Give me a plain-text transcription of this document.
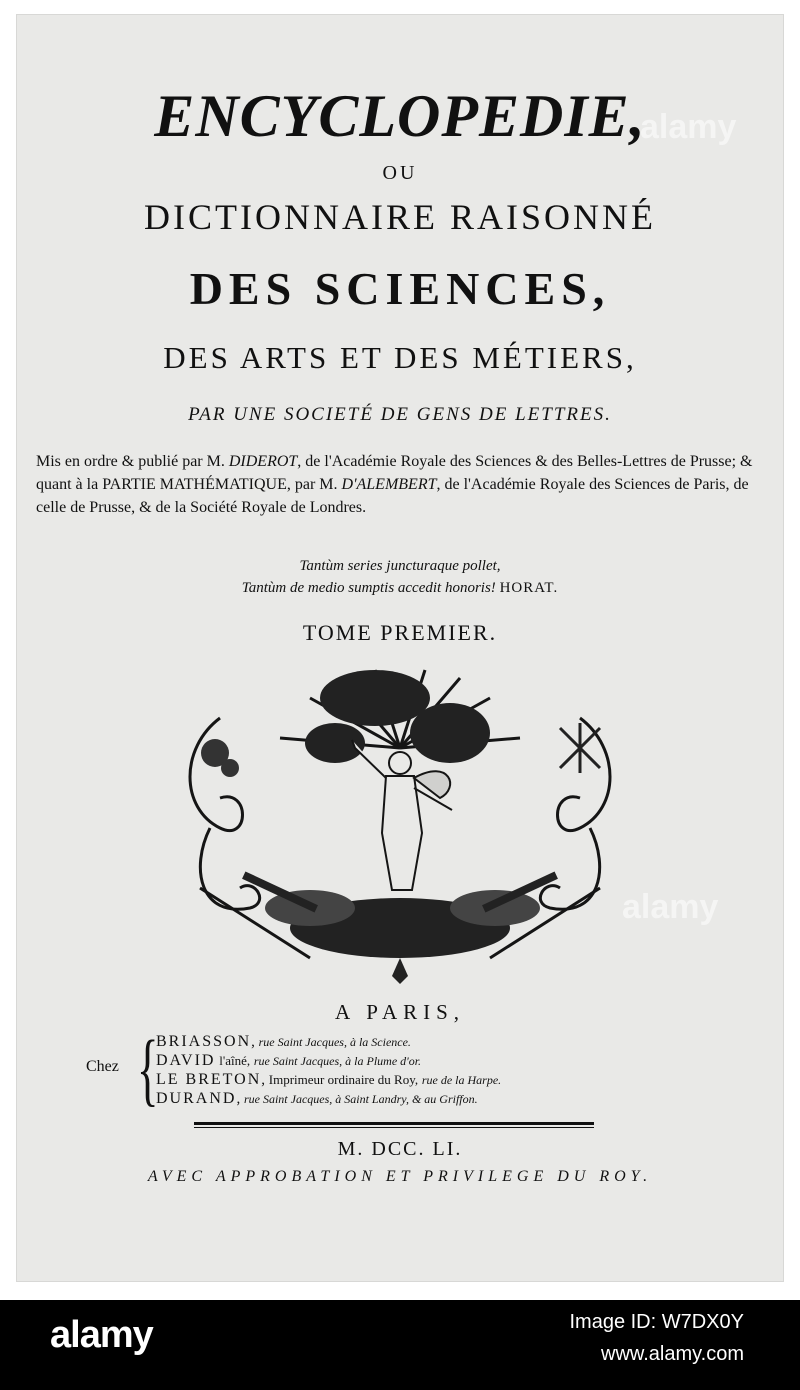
ENCYCLOPEDIE,
OU
DICTIONNAIRE RAISONNÉ
DES SCIENCES,
DES ARTS ET DES MÉTIERS,
PAR UNE SOCIETÉ DE GENS DE LETTRES.
Mis en ordre & publié par M. DIDEROT, de l'Académie Royale des Sciences & des Belles-Lettres de Prusse; & quant à la PARTIE MATHÉMATIQUE, par M. D'ALEMBERT, de l'Académie Royale des Sciences de Paris, de celle de Prusse, & de la Société Royale de Londres.
Tantùm series juncturaque pollet,
Tantùm de medio sumptis accedit honoris! HORAT.
TOME PREMIER.
A PARIS,
Chez {
BRIASSON, rue Saint Jacques, à la Science.
DAVID l'aîné, rue Saint Jacques, à la Plume d'or.
LE BRETON, Imprimeur ordinaire du Roy, rue de la Harpe.
DURAND, rue Saint Jacques, à Saint Landry, & au Griffon.
M. DCC. LI.
AVEC APPROBATION ET PRIVILEGE DU ROY.
alamy
alamy
alamy	Image ID: W7DX0Y
www.alamy.com
